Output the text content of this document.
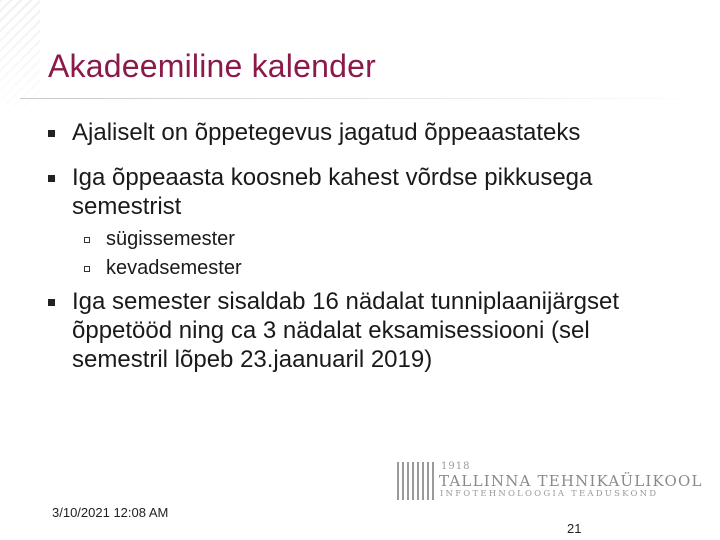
Akadeemiline kalender
Ajaliselt on õppetegevus jagatud õppeaastateks
Iga õppeaasta koosneb kahest võrdse pikkusega semestrist
sügissemester
kevadsemester
Iga semester sisaldab 16 nädalat tunniplaanijärgset õppetööd ning ca 3 nädalat eksamisessiooni (sel semestril lõpeb 23.jaanuaril 2019)
1918
TALLINNA TEHNIKAÜLIKOOL
INFOTEHNOLOOGIA TEADUSKOND
3/10/2021 12:08 AM
21
